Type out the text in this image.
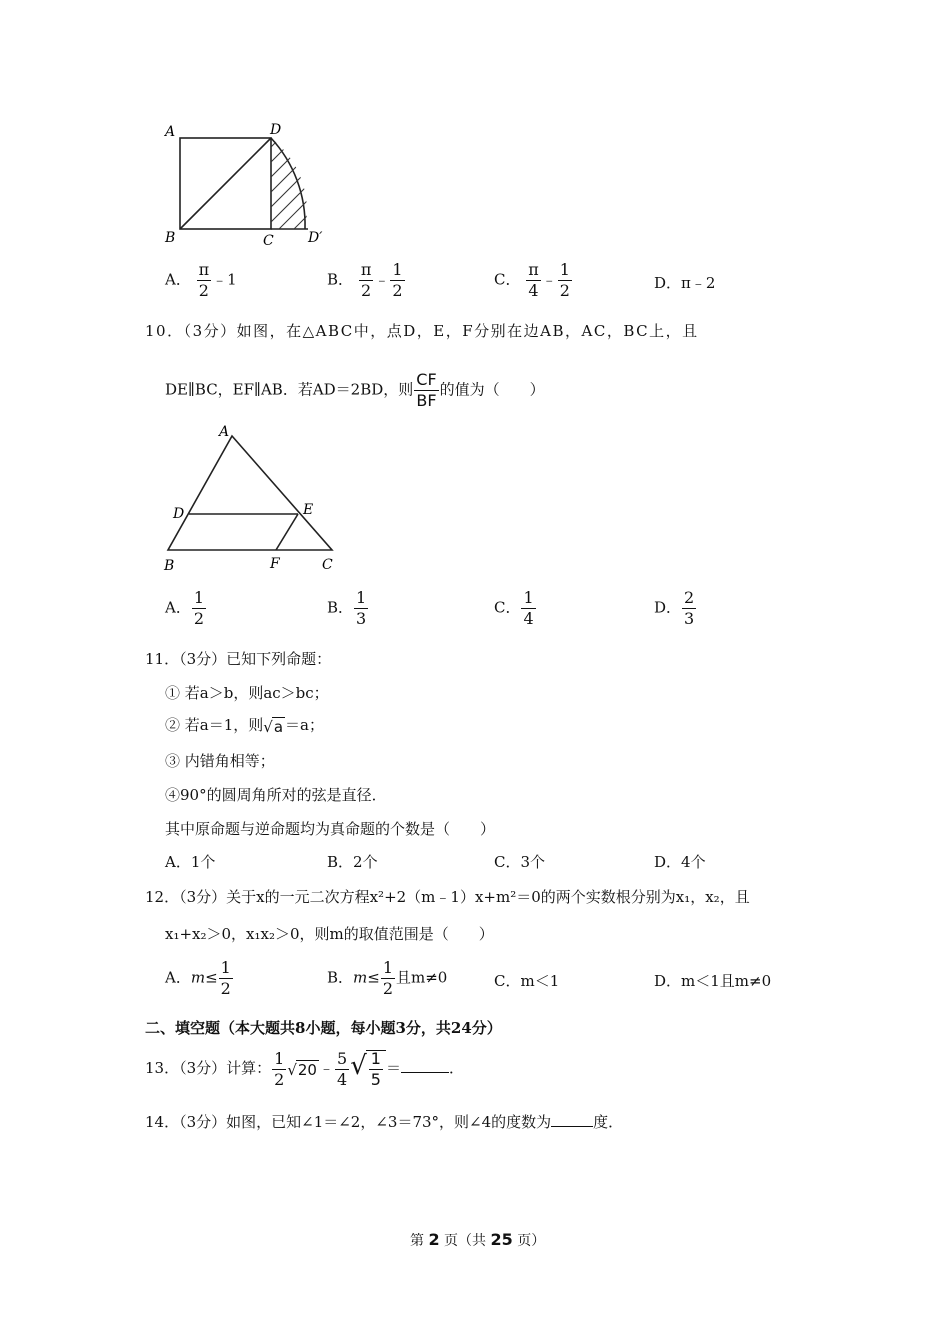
A	D
B	C D′
A． $\frac{\pi}{2}$ ﹣1	B． $\frac{\pi}{2}$ ﹣ $\frac{1}{2}$	C． $\frac{\pi}{4}$ ﹣ $\frac{1}{2}$	D．π﹣2
10．（3分）如图，在△ABC中，点D，E，F分别在边AB，AC，BC上，且
DE∥BC，EF∥AB．若AD＝2BD，则 $\frac{CF}{BF}$ 的值为（　　）
A
D	E
B	F	C
A． $\frac{1}{2}$	B． $\frac{1}{3}$	C． $\frac{1}{4}$	D． $\frac{2}{3}$
11．（3分）已知下列命题：
① 若a＞b，则ac＞bc；
② 若a＝1，则√a ＝a；
③ 内错角相等；
④90°的圆周角所对的弦是直径．
其中原命题与逆命题均为真命题的个数是（　　）
A．1个	B．2个	C．3个	D．4个
12．（3分）关于x的一元二次方程x²+2（m﹣1）x+m²＝0的两个实数根分别为x₁，x₂，且
x₁+x₂＞0，x₁x₂＞0，则m的取值范围是（　　）
A．$m\le \frac{1}{2}$	B．$m\le \frac{1}{2}$ 且m≠0	C．m＜1	D．m＜1且m≠0
二、填空题（本大题共8小题，每小题3分，共24分）
13．（3分）计算： $\frac{1}{2} √20$ ﹣ $\frac{5}{4}$ √ $\frac{1}{5}$ ＝	．
14．（3分）如图，已知∠1＝∠2，∠3＝73°，则∠4的度数为	度．
第 2 页（共 25 页）
